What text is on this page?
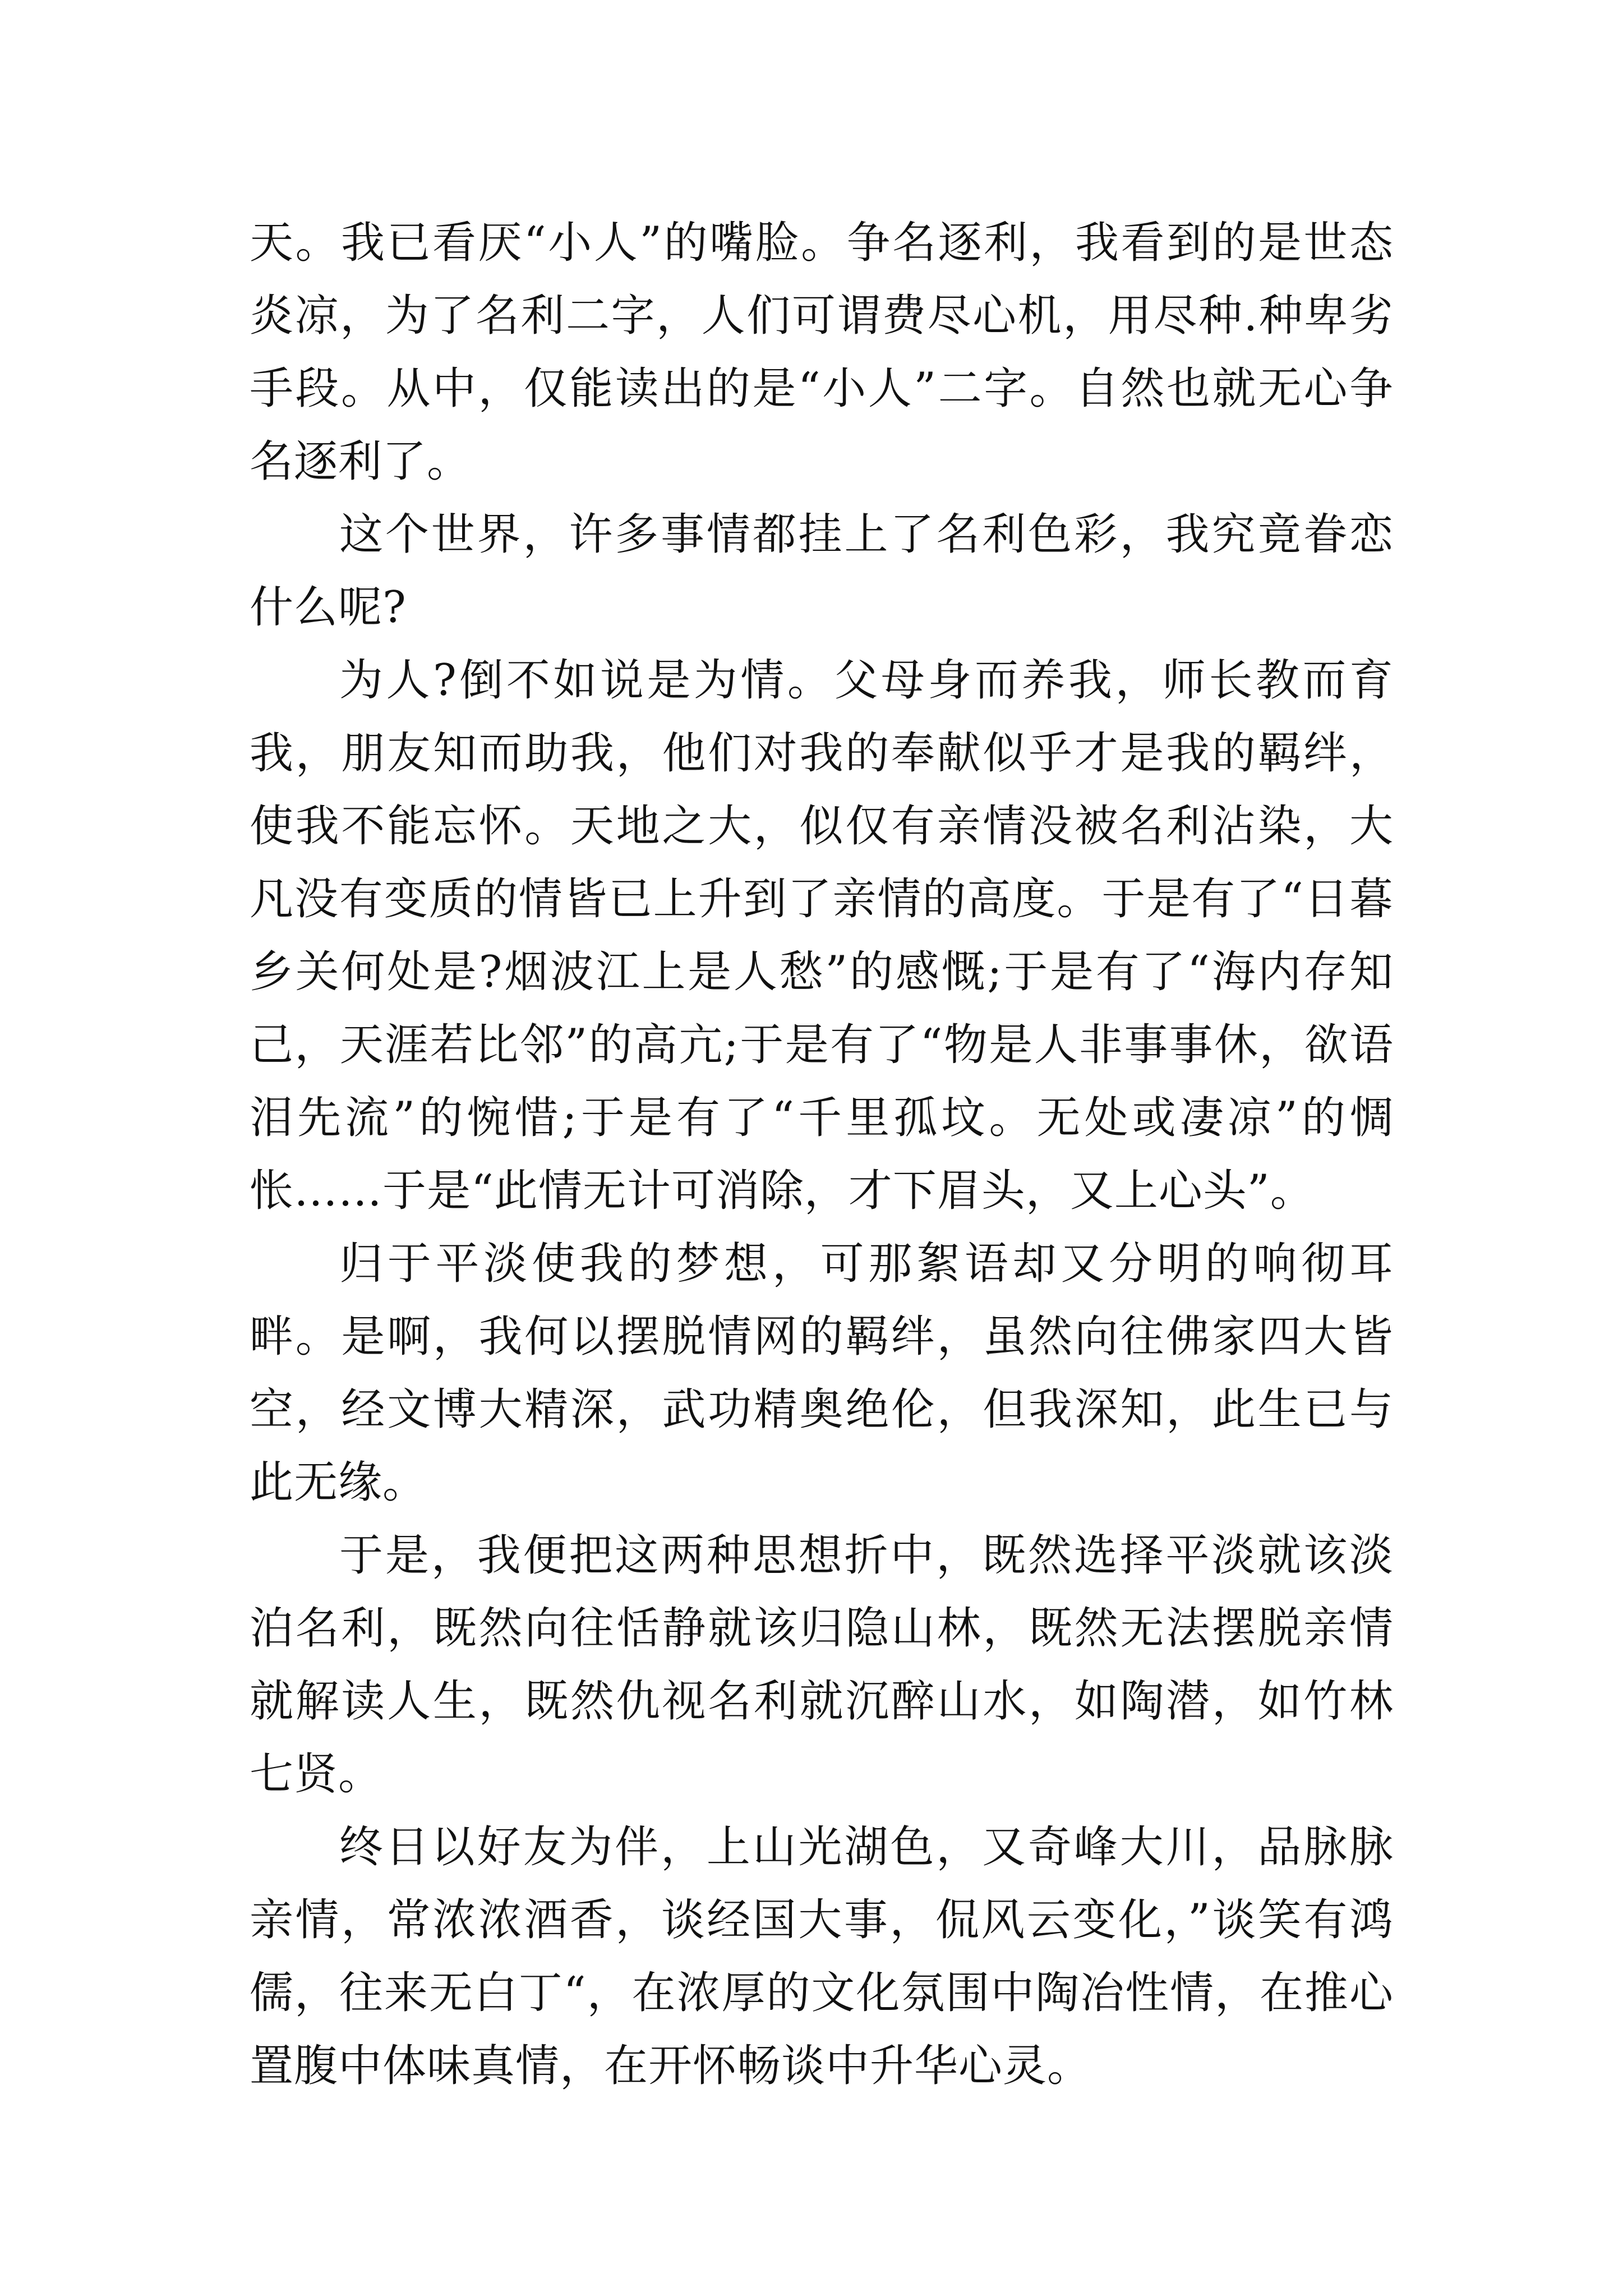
天。我已看厌“小人”的嘴脸。争名逐利，我看到的是世态炎凉，为了名利二字，人们可谓费尽心机，用尽种.种卑劣手段。从中，仅能读出的是“小人”二字。自然也就无心争名逐利了。

这个世界，许多事情都挂上了名利色彩，我究竟眷恋什么呢?

为人?倒不如说是为情。父母身而养我，师长教而育我，朋友知而助我，他们对我的奉献似乎才是我的羁绊，使我不能忘怀。天地之大，似仅有亲情没被名利沾染，大凡没有变质的情皆已上升到了亲情的高度。于是有了“日暮乡关何处是?烟波江上是人愁”的感慨;于是有了“海内存知己，天涯若比邻”的高亢;于是有了“物是人非事事休，欲语泪先流”的惋惜;于是有了“千里孤坟。无处或凄凉”的惆怅……于是“此情无计可消除，才下眉头，又上心头”。

归于平淡使我的梦想，可那絮语却又分明的响彻耳畔。是啊，我何以摆脱情网的羁绊，虽然向往佛家四大皆空，经文博大精深，武功精奥绝伦，但我深知，此生已与此无缘。

于是，我便把这两种思想折中，既然选择平淡就该淡泊名利，既然向往恬静就该归隐山林，既然无法摆脱亲情就解读人生，既然仇视名利就沉醉山水，如陶潜，如竹林七贤。

终日以好友为伴，上山光湖色，又奇峰大川，品脉脉亲情，常浓浓酒香，谈经国大事，侃风云变化，”谈笑有鸿儒，往来无白丁“，在浓厚的文化氛围中陶冶性情，在推心置腹中体味真情，在开怀畅谈中升华心灵。
